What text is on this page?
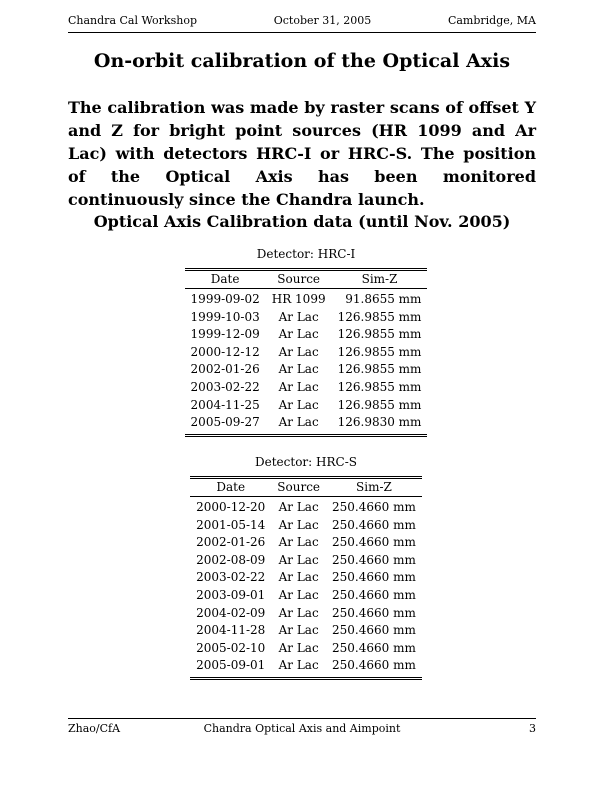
Chandra Cal Workshop	October 31, 2005	Cambridge, MA
On-orbit calibration of the Optical Axis
The calibration was made by raster scans of offset Y and Z for bright point sources (HR 1099 and Ar Lac) with detectors HRC-I or HRC-S. The position of the Optical Axis has been monitored continuously since the Chandra launch.
Optical Axis Calibration data (until Nov. 2005)
Detector: HRC-I
Date	Source	Sim-Z
1999-09-02	HR 1099	91.8655 mm
1999-10-03	Ar Lac	126.9855 mm
1999-12-09	Ar Lac	126.9855 mm
2000-12-12	Ar Lac	126.9855 mm
2002-01-26	Ar Lac	126.9855 mm
2003-02-22	Ar Lac	126.9855 mm
2004-11-25	Ar Lac	126.9855 mm
2005-09-27	Ar Lac	126.9830 mm
Detector: HRC-S
Date	Source	Sim-Z
2000-12-20	Ar Lac	250.4660 mm
2001-05-14	Ar Lac	250.4660 mm
2002-01-26	Ar Lac	250.4660 mm
2002-08-09	Ar Lac	250.4660 mm
2003-02-22	Ar Lac	250.4660 mm
2003-09-01	Ar Lac	250.4660 mm
2004-02-09	Ar Lac	250.4660 mm
2004-11-28	Ar Lac	250.4660 mm
2005-02-10	Ar Lac	250.4660 mm
2005-09-01	Ar Lac	250.4660 mm
Zhao/CfA	Chandra Optical Axis and Aimpoint	3
